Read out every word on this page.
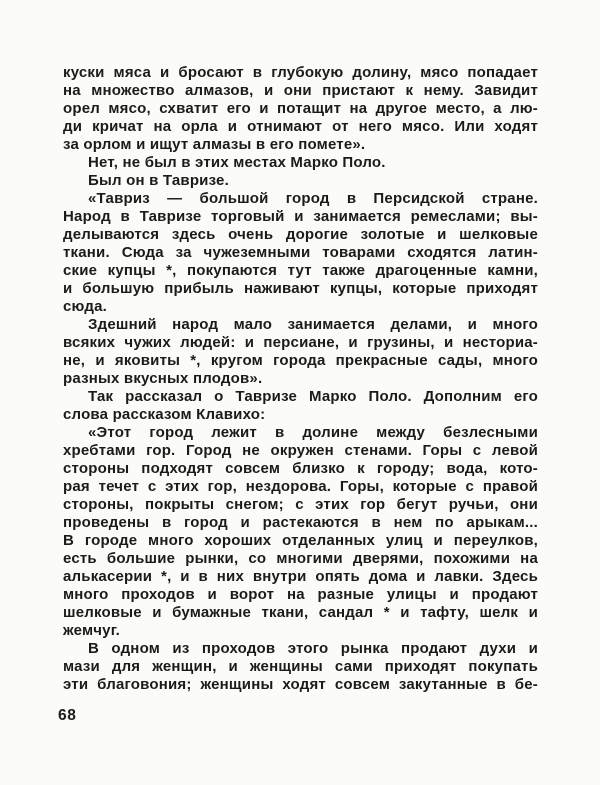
куски мяса и бросают в глубокую долину, мясо попадает
на множество алмазов, и они пристают к нему. Завидит
орел мясо, схватит его и потащит на другое место, а лю-
ди кричат на орла и отнимают от него мясо. Или ходят
за орлом и ищут алмазы в его помете».
Нет, не был в этих местах Марко Поло.
Был он в Тавризе.
«Тавриз — большой город в Персидской стране.
Народ в Тавризе торговый и занимается ремеслами; вы-
делываются здесь очень дорогие золотые и шелковые
ткани. Сюда за чужеземными товарами сходятся латин-
ские купцы *, покупаются тут также драгоценные камни,
и большую прибыль наживают купцы, которые приходят
сюда.
Здешний народ мало занимается делами, и много
всяких чужих людей: и персиане, и грузины, и несториа-
не, и яковиты *, кругом города прекрасные сады, много
разных вкусных плодов».
Так рассказал о Тавризе Марко Поло. Дополним его
слова рассказом Клавихо:
«Этот город лежит в долине между безлесными
хребтами гор. Город не окружен стенами. Горы с левой
стороны подходят совсем близко к городу; вода, кото-
рая течет с этих гор, нездорова. Горы, которые с правой
стороны, покрыты снегом; с этих гор бегут ручьи, они
проведены в город и растекаются в нем по арыкам...
В городе много хороших отделанных улиц и переулков,
есть большие рынки, со многими дверями, похожими на
алькасерии *, и в них внутри опять дома и лавки. Здесь
много проходов и ворот на разные улицы и продают
шелковые и бумажные ткани, сандал * и тафту, шелк и
жемчуг.
В одном из проходов этого рынка продают духи и
мази для женщин, и женщины сами приходят покупать
эти благовония; женщины ходят совсем закутанные в бе-
68
